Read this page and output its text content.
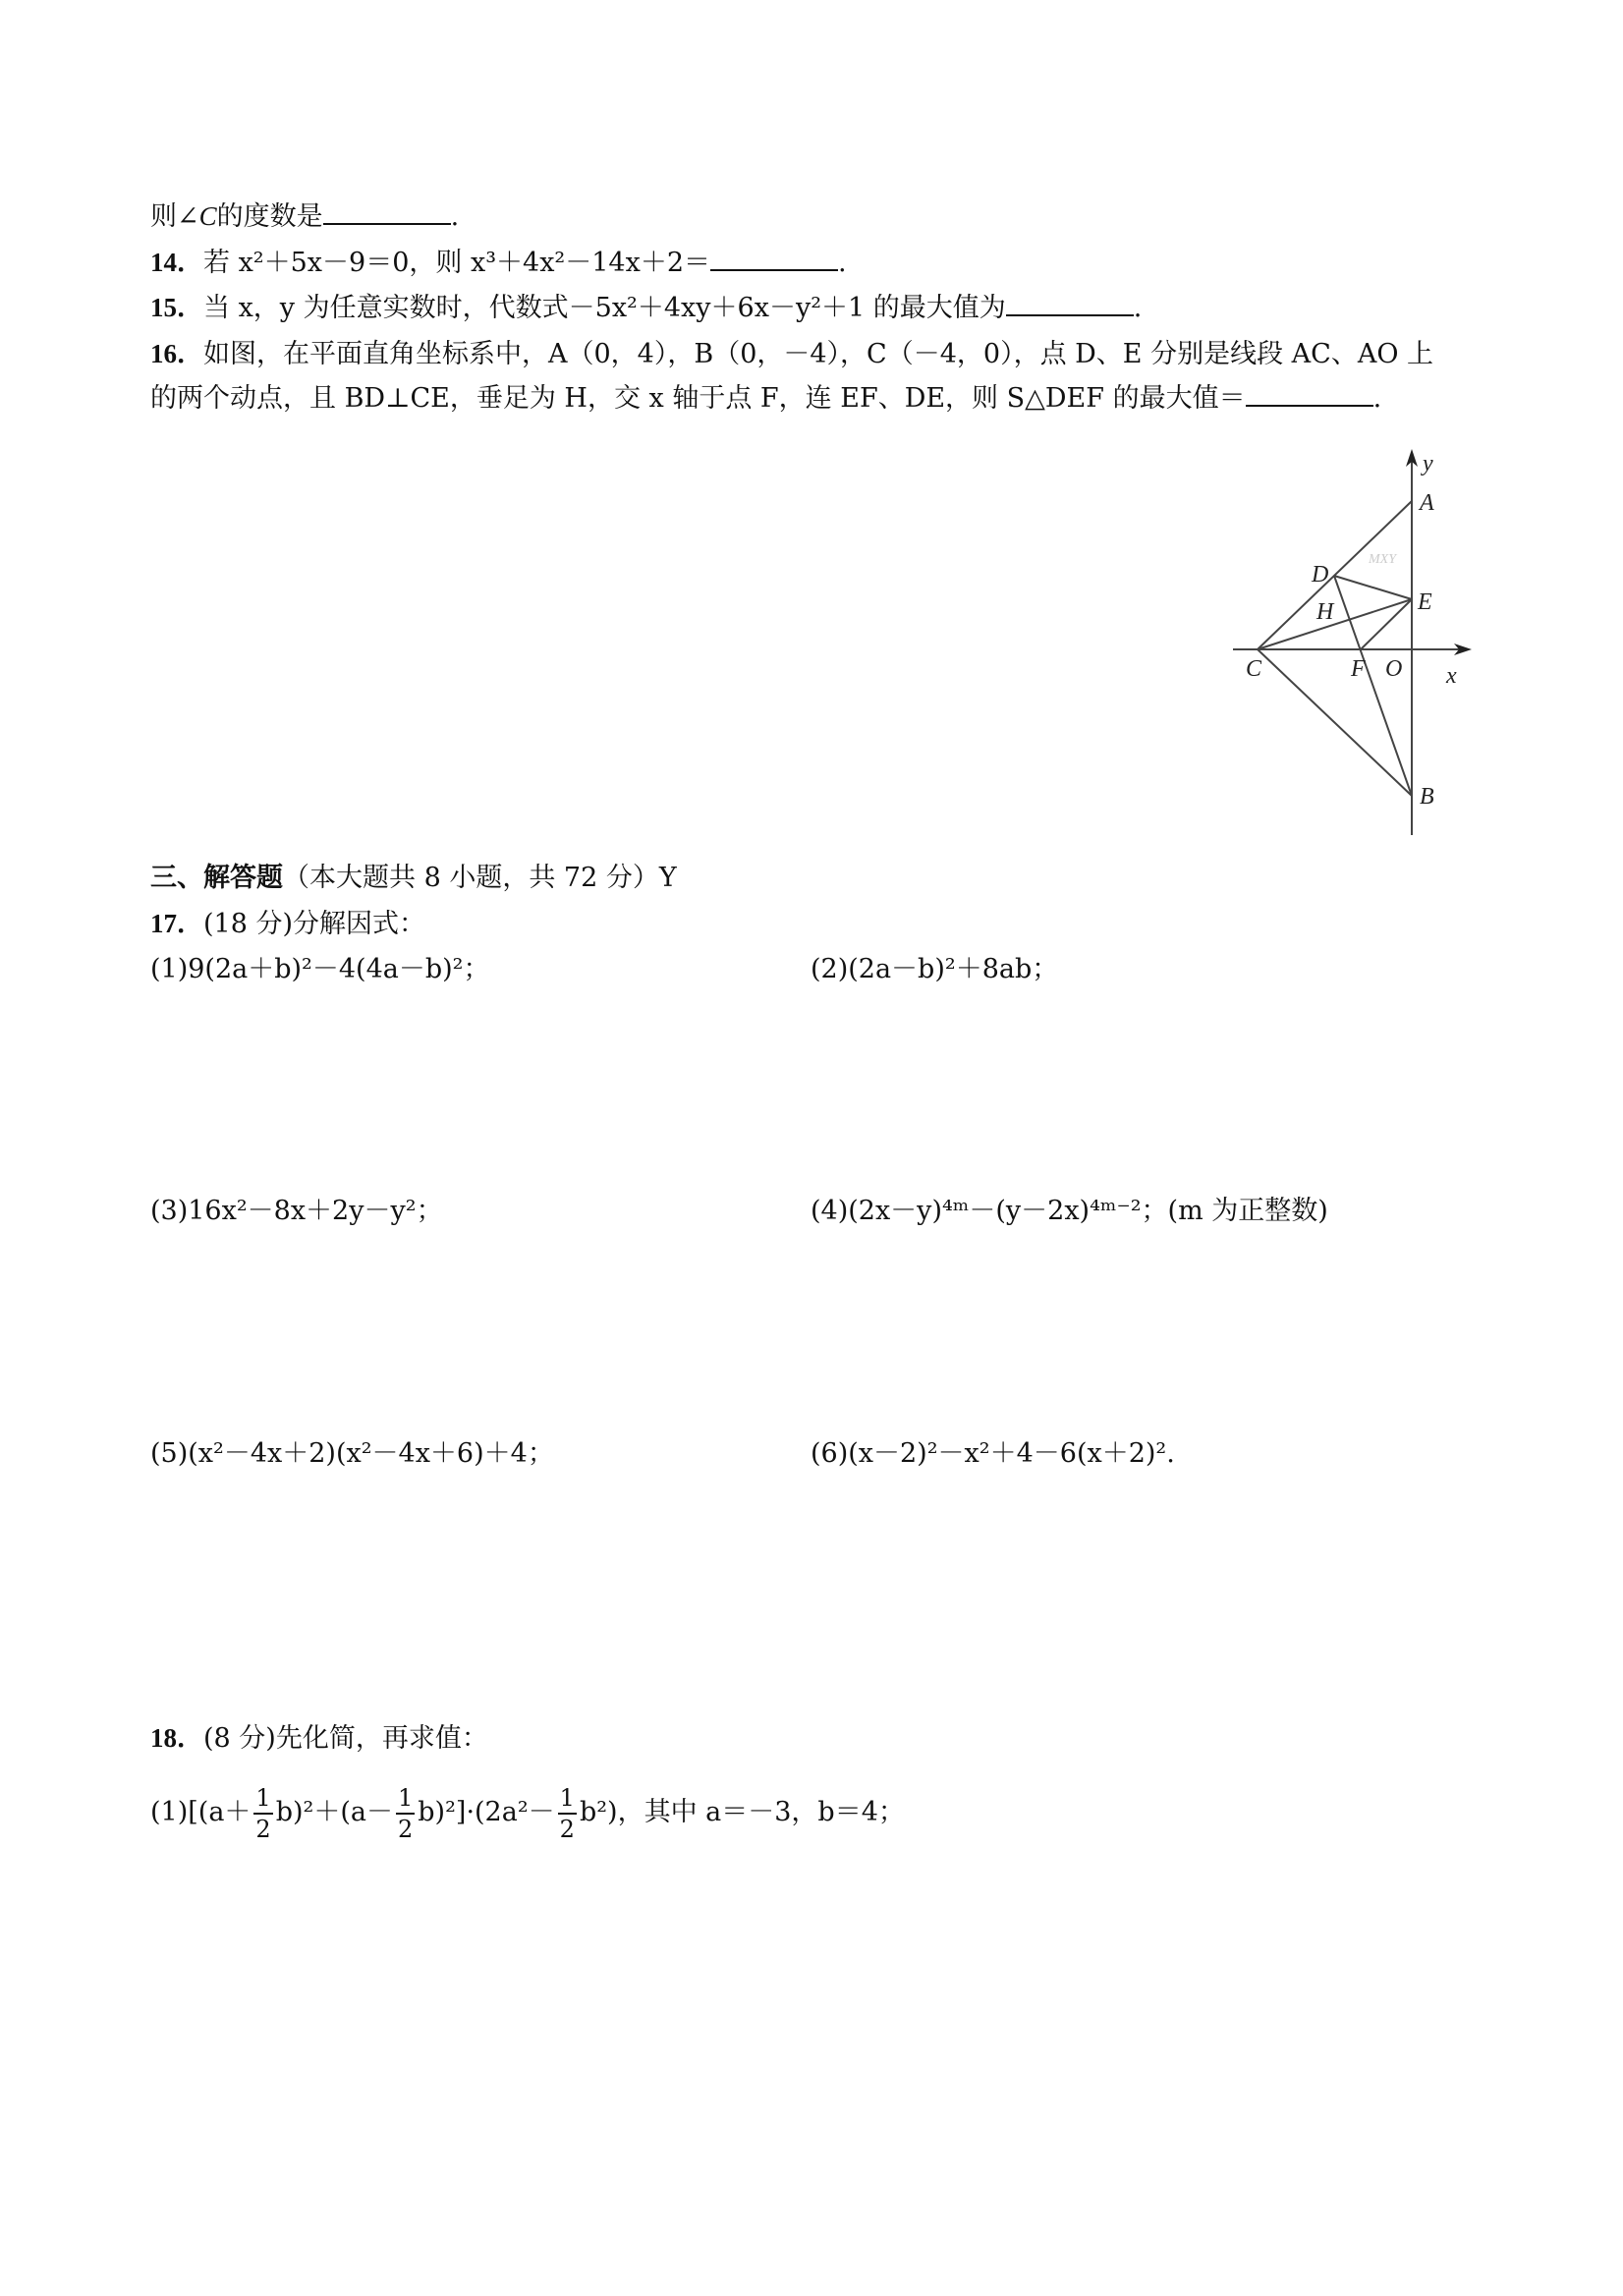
则∠C的度数是	.
14．若 x²＋5x－9＝0，则 x³＋4x²－14x＋2＝	.
15．当 x，y 为任意实数时，代数式－5x²＋4xy＋6x－y²＋1 的最大值为	.
16．如图，在平面直角坐标系中，A（0，4），B（0，－4），C（－4，0），点 D、E 分别是线段 AC、AO 上
的两个动点，且 BD⊥CE，垂足为 H，交 x 轴于点 F，连 EF、DE，则 S△DEF 的最大值＝	.
y
A
D
MXY
H	E
C	F O x
B
三、解答题（本大题共 8 小题，共 72 分）Y
17．(18 分)分解因式：
(1)9(2a＋b)²－4(4a－b)²；	(2)(2a－b)²＋8ab；
(3)16x²－8x＋2y－y²；	(4)(2x－y)⁴ᵐ－(y－2x)⁴ᵐ⁻²；(m 为正整数)
(5)(x²－4x＋2)(x²－4x＋6)＋4；	(6)(x－2)²－x²＋4－6(x＋2)².
18．(8 分)先化简，再求值：
$(1)[(a+ \frac{1}{2} b)^2+(a- \frac{1}{2} b)^2]\cdot(2a^2- \frac{1}{2} b^2)$，其中 a＝－3，b＝4；
